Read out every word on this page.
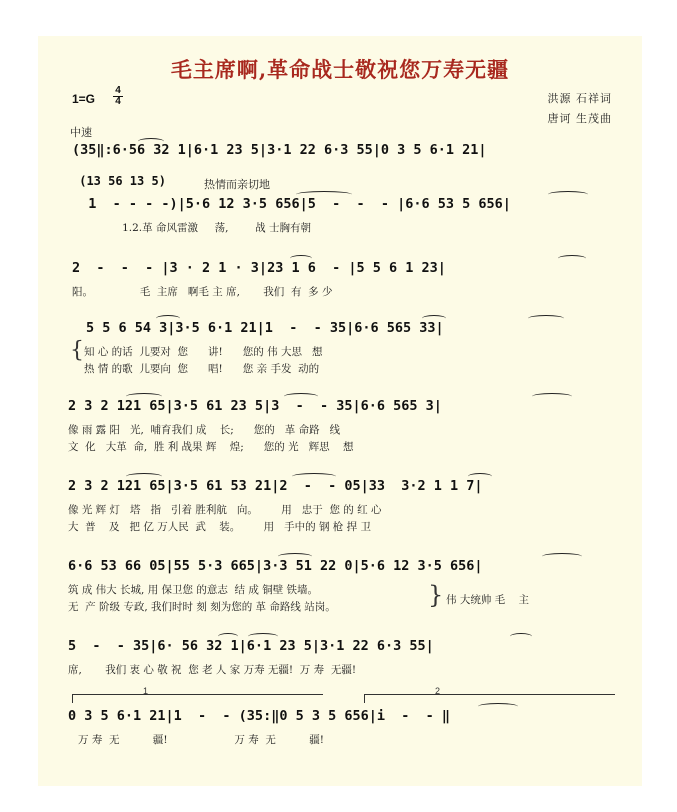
毛主席啊,革命战士敬祝您万寿无疆
1=G
4
4	洪源 石祥词
唐诃 生茂曲
中速
(35‖:6·56 32 1|6·1 23 5|3·1 22 6·3 55|0 3 5 6·1 21|
(13 56 13 5)	热情而亲切地
1  - - - -)|5·6 12 3·5 656|5  -  -  - |6·6 53 5 656|
1.2.革 命风雷激     荡,        战 士胸有朝
2  -  -  - |3 · 2 1 · 3|23 1 6  - |5 5 6 1 23|
阳。              毛  主席   啊毛 主 席,       我们  有  多 少
5 5 6 54 3|3·5 6·1 21|1  -  - 35|6·6 565 33|
{ 知 心 的话  儿要对  您      讲!      您的 伟 大思   想
热 情 的歌  儿要向  您      唱!      您 亲 手发  动的
2 3 2 121 65|3·5 61 23 5|3  -  - 35|6·6 565 3|
像 雨 露 阳   光,  哺育我们 成    长;      您的   革 命路   线
文  化   大革  命,  胜 利 战果 辉    煌;      您的 光   辉思    想
2 3 2 121 65|3·5 61 53 21|2  -  - 05|33  3·2 1 1 7|
像 光 辉 灯   塔   指   引着 胜利航   向。       用   忠于  您 的 红 心
大  普    及   把 亿 万人民  武    装。       用   手中的 钢 枪 捍 卫
6·6 53 66 05|55 5·3 665|3·3 51 22 0|5·6 12 3·5 656|
筑 成 伟大 长城, 用 保卫您 的意志  结 成 铜壁 铁墙。
无  产 阶级 专政, 我们时时 刻 刻为您的 革 命路线 站岗。	} 伟 大统帅 毛    主
5  -  - 35|6· 56 32 1|6·1 23 5|3·1 22 6·3 55|
席,       我们 衷 心 敬 祝  您 老 人 家 万寿 无疆!  万 寿  无疆!
1	2
0 3 5 6·1 21|1  -  - (35:‖0 5 3 5 656|i  -  - ‖
万 寿  无          疆!                    万 寿  无          疆!
